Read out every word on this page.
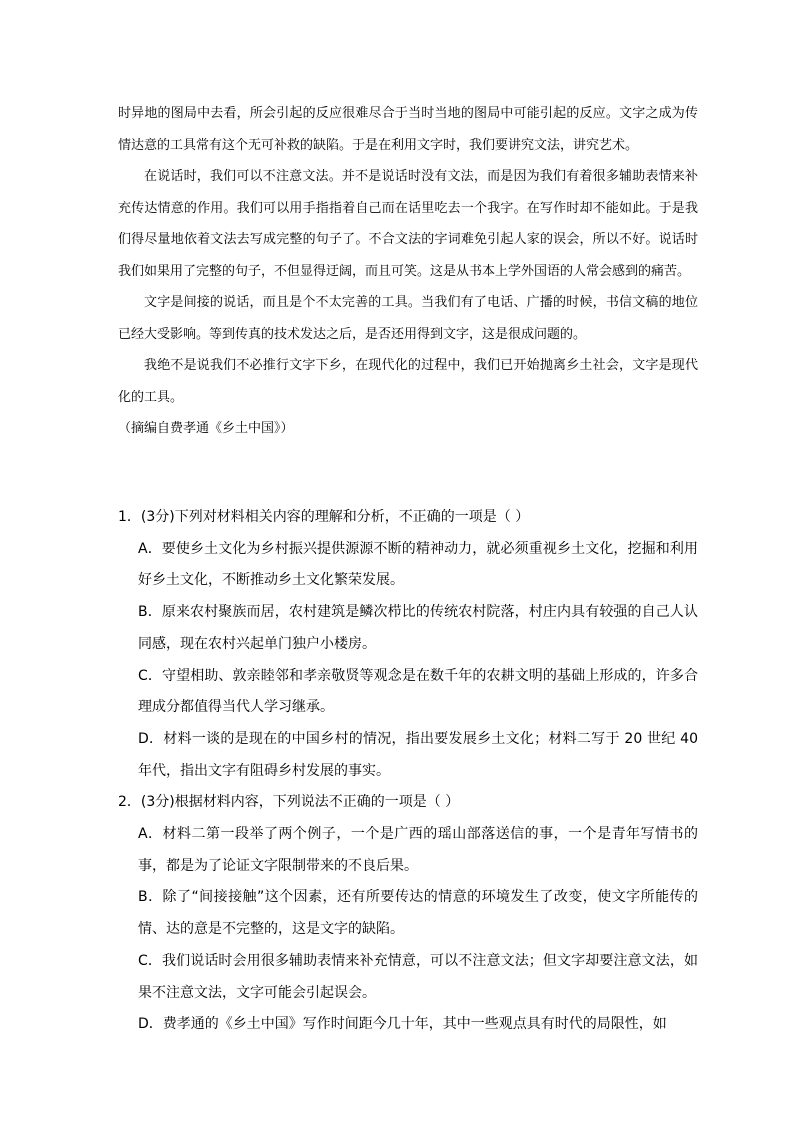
时异地的图局中去看，所会引起的反应很难尽合于当时当地的图局中可能引起的反应。文字之成为传情达意的工具常有这个无可补救的缺陷。于是在利用文字时，我们要讲究文法，讲究艺术。

在说话时，我们可以不注意文法。并不是说话时没有文法，而是因为我们有着很多辅助表情来补充传达情意的作用。我们可以用手指指着自己而在话里吃去一个我字。在写作时却不能如此。于是我们得尽量地依着文法去写成完整的句子了。不合文法的字词难免引起人家的误会，所以不好。说话时我们如果用了完整的句子，不但显得迂阔，而且可笑。这是从书本上学外国语的人常会感到的痛苦。

文字是间接的说话，而且是个不太完善的工具。当我们有了电话、广播的时候，书信文稿的地位已经大受影响。等到传真的技术发达之后，是否还用得到文字，这是很成问题的。

我绝不是说我们不必推行文字下乡，在现代化的过程中，我们已开始抛离乡土社会，文字是现代化的工具。

（摘编自费孝通《乡土中国》）

1．(3分)下列对材料相关内容的理解和分析，不正确的一项是（ ）

A．要使乡土文化为乡村振兴提供源源不断的精神动力，就必须重视乡土文化，挖掘和利用好乡土文化，不断推动乡土文化繁荣发展。

B．原来农村聚族而居，农村建筑是鳞次栉比的传统农村院落，村庄内具有较强的自己人认同感，现在农村兴起单门独户小楼房。

C．守望相助、敦亲睦邻和孝亲敬贤等观念是在数千年的农耕文明的基础上形成的，许多合理成分都值得当代人学习继承。

D．材料一谈的是现在的中国乡村的情况，指出要发展乡土文化；材料二写于 20 世纪 40 年代，指出文字有阻碍乡村发展的事实。

2．(3分)根据材料内容，下列说法不正确的一项是（ ）

A．材料二第一段举了两个例子，一个是广西的瑶山部落送信的事，一个是青年写情书的事，都是为了论证文字限制带来的不良后果。

B．除了“间接接触”这个因素，还有所要传达的情意的环境发生了改变，使文字所能传的情、达的意是不完整的，这是文字的缺陷。

C．我们说话时会用很多辅助表情来补充情意，可以不注意文法；但文字却要注意文法，如果不注意文法，文字可能会引起误会。

D．费孝通的《乡土中国》写作时间距今几十年，其中一些观点具有时代的局限性，如
